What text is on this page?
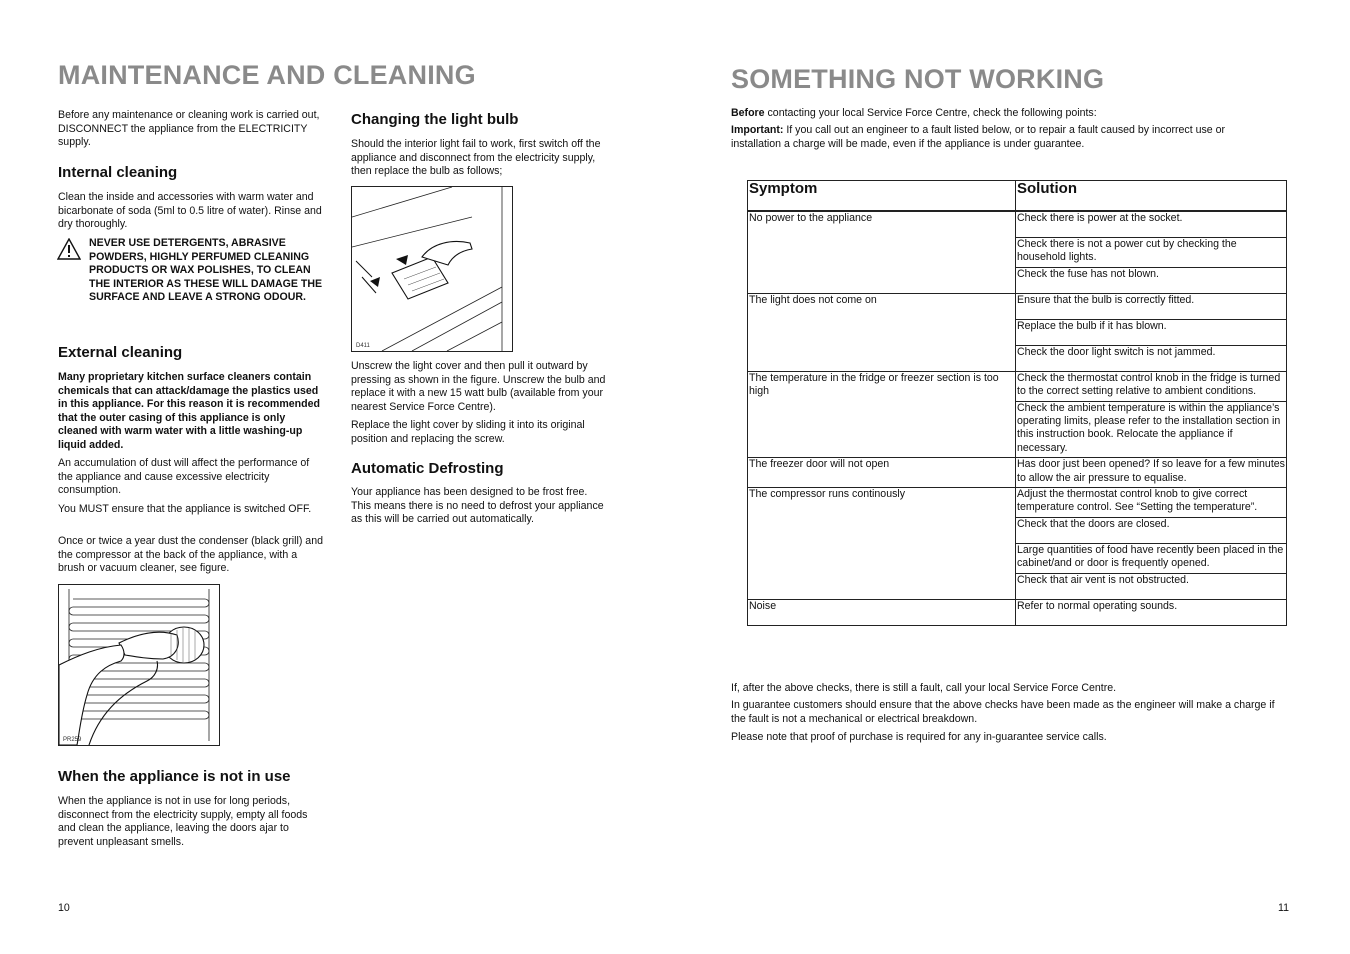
MAINTENANCE AND CLEANING

Before any maintenance or cleaning work is carried out, DISCONNECT the appliance from the ELECTRICITY supply.

Internal cleaning

Clean the inside and accessories with warm water and bicarbonate of soda (5ml to 0.5 litre of water). Rinse and dry thoroughly.

NEVER USE DETERGENTS, ABRASIVE POWDERS, HIGHLY PERFUMED CLEANING PRODUCTS OR WAX POLISHES, TO CLEAN THE INTERIOR AS THESE WILL DAMAGE THE SURFACE AND LEAVE A STRONG ODOUR.

External cleaning

Many proprietary kitchen surface cleaners contain chemicals that can attack/damage the plastics used in this appliance. For this reason it is recommended that the outer casing of this appliance is only cleaned with warm water with a little washing-up liquid added.

An accumulation of dust will affect the performance of the appliance and cause excessive electricity consumption.

You MUST ensure that the appliance is switched OFF.

Once or twice a year dust the condenser (black grill) and the compressor at the back of the appliance, with a brush or vacuum cleaner, see figure.

PR259
When the appliance is not in use

When the appliance is not in use for long periods, disconnect from the electricity supply, empty all foods and clean the appliance, leaving the doors ajar to prevent unpleasant smells.

Changing the light bulb

Should the interior light fail to work, first switch off the appliance and disconnect from the electricity supply, then replace the bulb as follows;

D411

Unscrew the light cover and then pull it outward by pressing as shown in the figure. Unscrew the bulb and replace it with a new 15 watt bulb (available from your nearest Service Force Centre).

Replace the light cover by sliding it into its original position and replacing the screw.

Automatic Defrosting

Your appliance has been designed to be frost free. This means there is no need to defrost your appliance as this will be carried out automatically.

10
SOMETHING NOT WORKING

Before contacting your local Service Force Centre, check the following points:

Important: If you call out an engineer to a fault listed below, or to repair a fault caused by incorrect use or installation a charge will be made, even if the appliance is under guarantee.

Symptom	Solution
No power to the appliance	Check there is power at the socket.
	Check there is not a power cut by checking the household lights.
	Check the fuse has not blown.
The light does not come on	Ensure that the bulb is correctly fitted.
	Replace the bulb if it has blown.
	Check the door light switch is not jammed.
The temperature in the fridge or freezer section is too high	Check the thermostat control knob in the fridge is turned to the correct setting relative to ambient conditions.
	Check the ambient temperature is within the appliance’s operating limits, please refer to the installation section in this instruction book. Relocate the appliance if necessary.
The freezer door will not open	Has door just been opened? If so leave for a few minutes to allow the air pressure to equalise.
The compressor runs continously	Adjust the thermostat control knob to give correct temperature control. See “Setting the temperature”.
	Check that the doors are closed.
	Large quantities of food have recently been placed in the cabinet/and or door is frequently opened.
	Check that air vent is not obstructed.
Noise	Refer to normal operating sounds.

If, after the above checks, there is still a fault, call your local Service Force Centre.

In guarantee customers should ensure that the above checks have been made as the engineer will make a charge if the fault is not a mechanical or electrical breakdown.

Please note that proof of purchase is required for any in-guarantee service calls.

11
